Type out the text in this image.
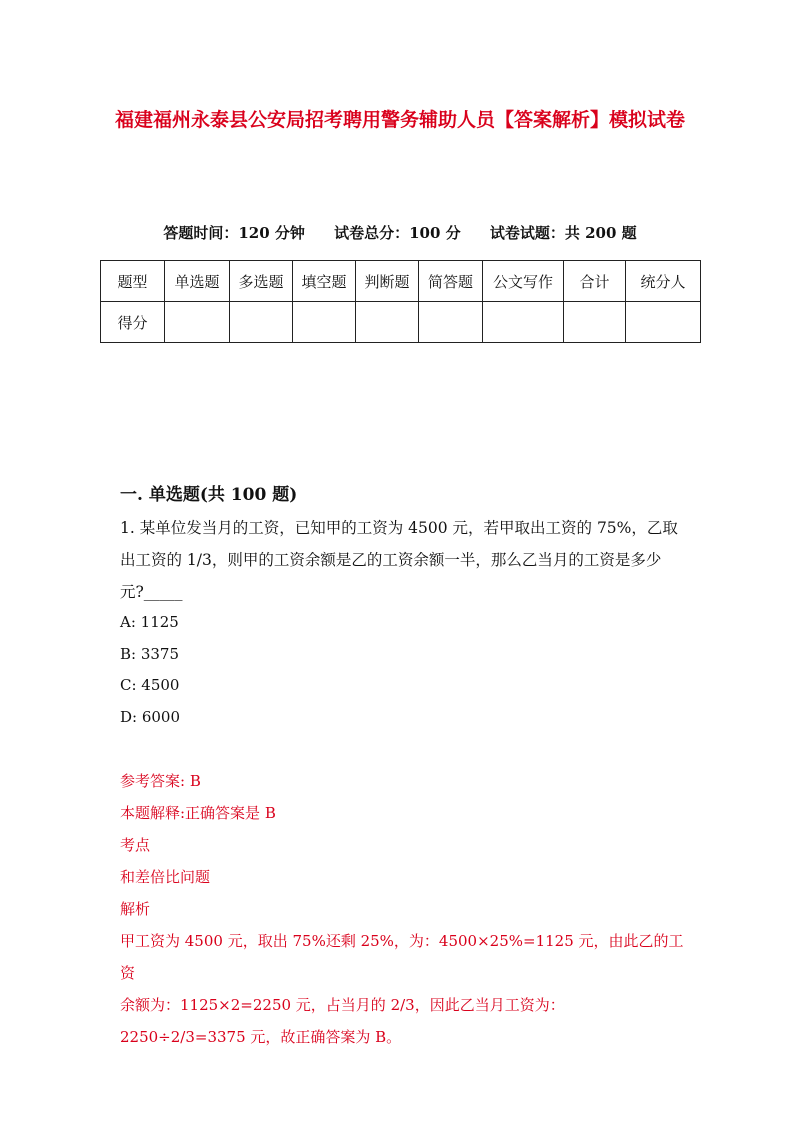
福建福州永泰县公安局招考聘用警务辅助人员【答案解析】模拟试卷
答题时间：120 分钟 试卷总分：100 分 试卷试题：共 200 题
题型	单选题	多选题	填空题	判断题	简答题	公文写作	合计	统分人
得分								
一. 单选题(共 100 题)
1. 某单位发当月的工资，已知甲的工资为 4500 元，若甲取出工资的 75%，乙取出工资的 1/3，则甲的工资余额是乙的工资余额一半，那么乙当月的工资是多少元?_____
A: 1125
B: 3375
C: 4500
D: 6000
参考答案: B
本题解释:正确答案是 B
考点
和差倍比问题
解析
甲工资为 4500 元，取出 75%还剩 25%，为：4500×25%=1125 元，由此乙的工资
余额为：1125×2=2250 元，占当月的 2/3，因此乙当月工资为：
2250÷2/3=3375 元，故正确答案为 B。
